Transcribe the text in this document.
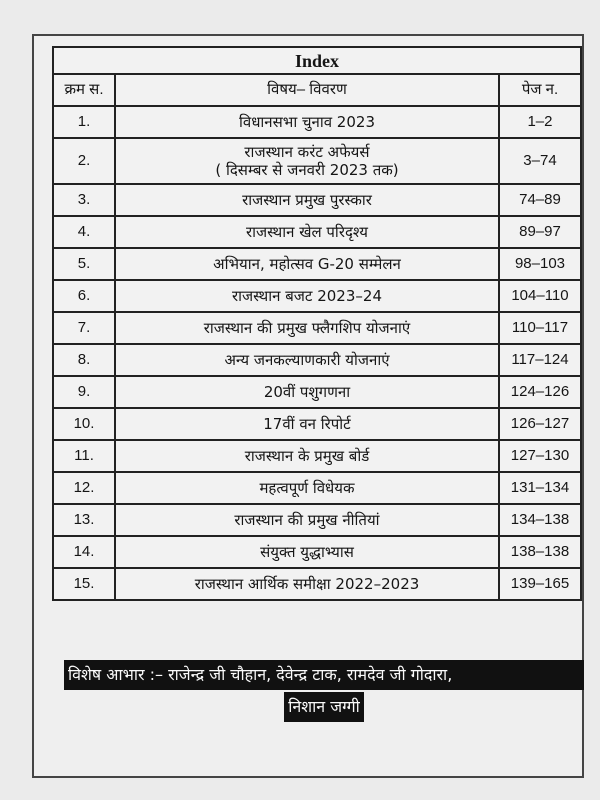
Index		
क्रम स.	विषय– विवरण	पेज न.
1.	विधानसभा चुनाव 2023	1–2
2.	राजस्थान करंट अफेयर्स
( दिसम्बर से जनवरी 2023 तक)	3–74
3.	राजस्थान प्रमुख पुरस्कार	74–89
4.	राजस्थान खेल परिदृश्य	89–97
5.	अभियान, महोत्सव G-20 सम्मेलन	98–103
6.	राजस्थान बजट 2023–24	104–110
7.	राजस्थान की प्रमुख फ्लैगशिप योजनाएं	110–117
8.	अन्य जनकल्याणकारी योजनाएं	117–124
9.	20वीं पशुगणना	124–126
10.	17वीं वन रिपोर्ट	126–127
11.	राजस्थान के प्रमुख बोर्ड	127–130
12.	महत्वपूर्ण विधेयक	131–134
13.	राजस्थान की प्रमुख नीतियां	134–138
14.	संयुक्त युद्धाभ्यास	138–138
15.	राजस्थान आर्थिक समीक्षा 2022–2023	139–165
विशेष आभार :– राजेन्द्र जी चौहान, देवेन्द्र टाक, रामदेव जी गोदारा,
निशान जग्गी
